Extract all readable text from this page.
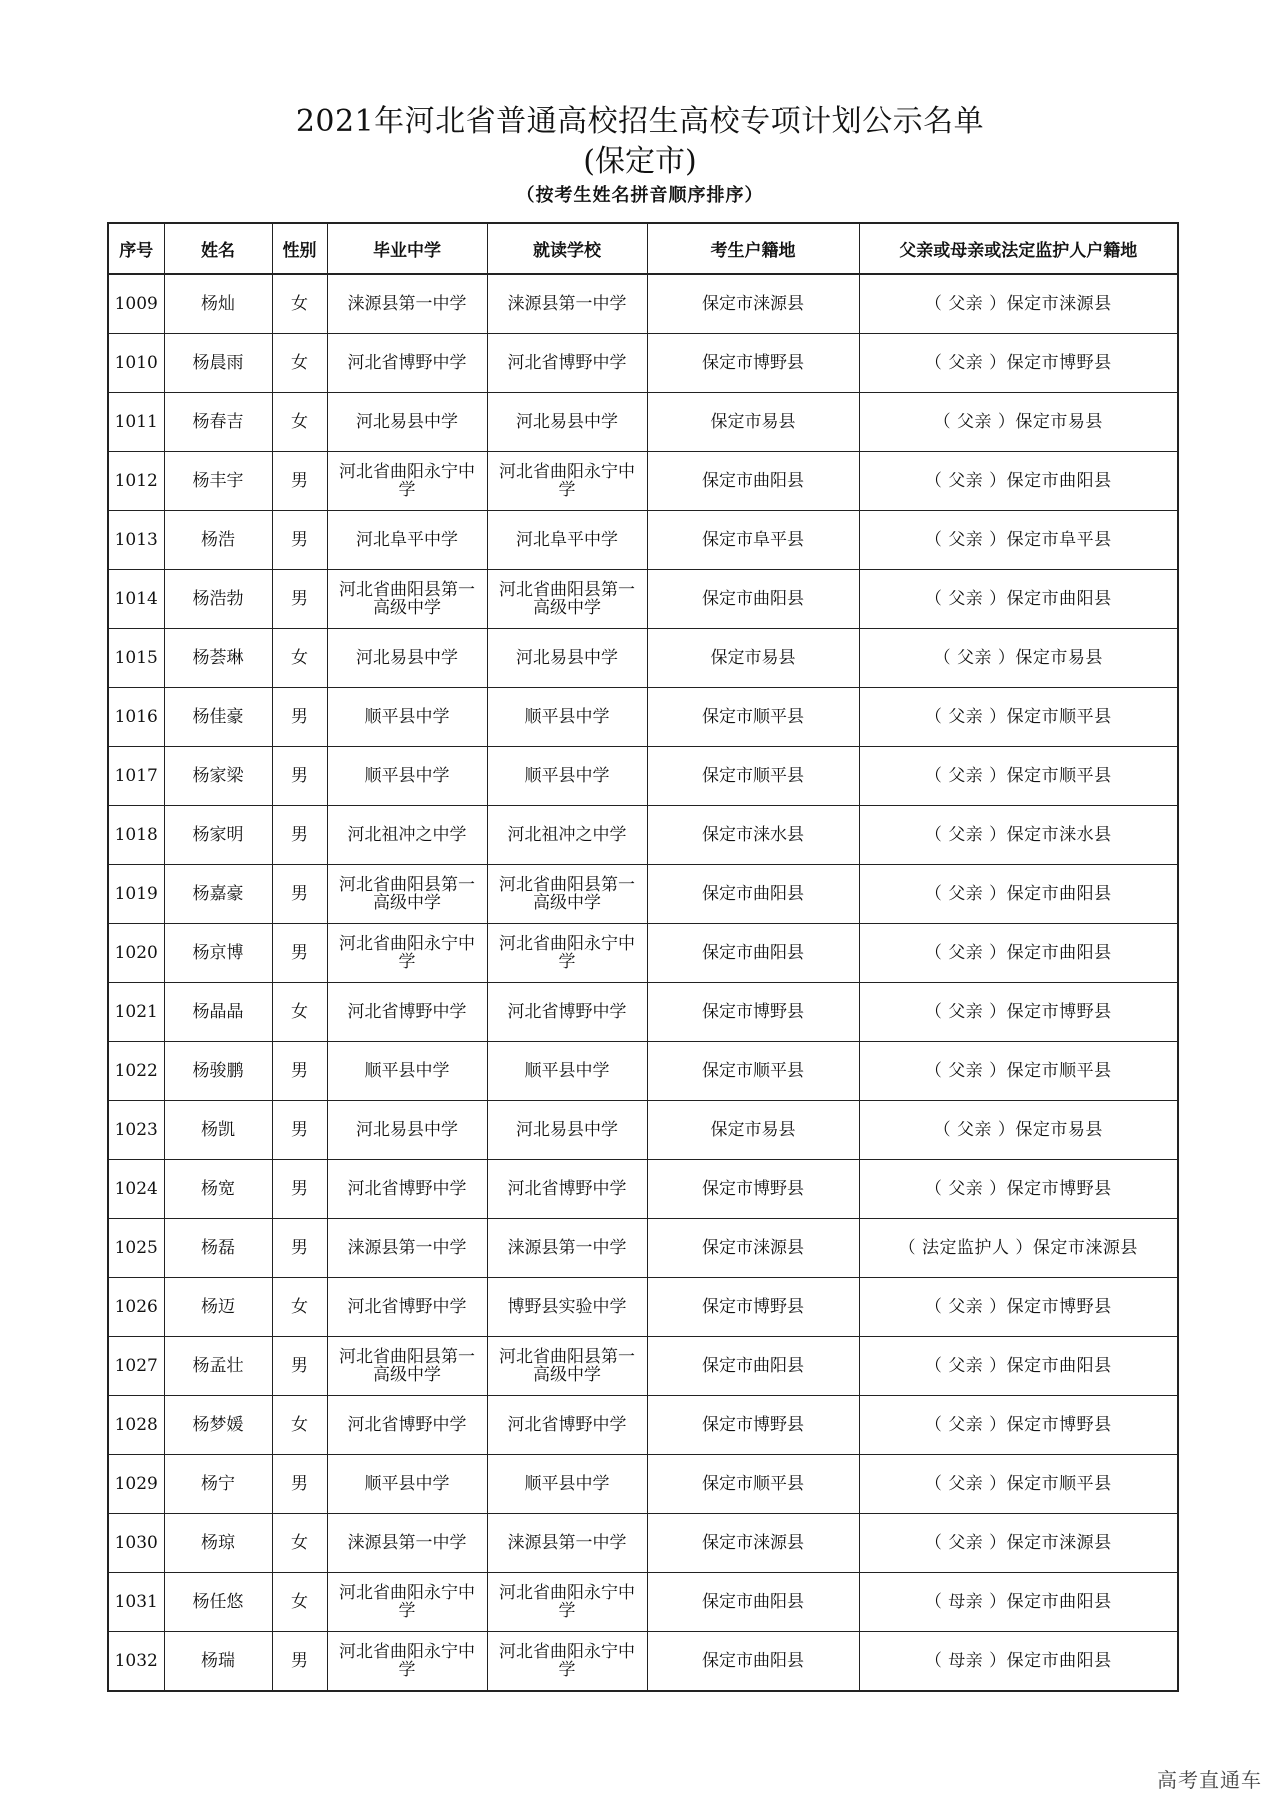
2021年河北省普通高校招生高校专项计划公示名单
(保定市)
（按考生姓名拼音顺序排序）
序号	姓名	性别	毕业中学	就读学校	考生户籍地	父亲或母亲或法定监护人户籍地
1009	杨灿	女	涞源县第一中学	涞源县第一中学	保定市涞源县	（ 父亲 ）保定市涞源县
1010	杨晨雨	女	河北省博野中学	河北省博野中学	保定市博野县	（ 父亲 ）保定市博野县
1011	杨春吉	女	河北易县中学	河北易县中学	保定市易县	（ 父亲 ）保定市易县
1012	杨丰宇	男	河北省曲阳永宁中学	河北省曲阳永宁中学	保定市曲阳县	（ 父亲 ）保定市曲阳县
1013	杨浩	男	河北阜平中学	河北阜平中学	保定市阜平县	（ 父亲 ）保定市阜平县
1014	杨浩勃	男	河北省曲阳县第一高级中学	河北省曲阳县第一高级中学	保定市曲阳县	（ 父亲 ）保定市曲阳县
1015	杨荟琳	女	河北易县中学	河北易县中学	保定市易县	（ 父亲 ）保定市易县
1016	杨佳豪	男	顺平县中学	顺平县中学	保定市顺平县	（ 父亲 ）保定市顺平县
1017	杨家梁	男	顺平县中学	顺平县中学	保定市顺平县	（ 父亲 ）保定市顺平县
1018	杨家明	男	河北祖冲之中学	河北祖冲之中学	保定市涞水县	（ 父亲 ）保定市涞水县
1019	杨嘉豪	男	河北省曲阳县第一高级中学	河北省曲阳县第一高级中学	保定市曲阳县	（ 父亲 ）保定市曲阳县
1020	杨京博	男	河北省曲阳永宁中学	河北省曲阳永宁中学	保定市曲阳县	（ 父亲 ）保定市曲阳县
1021	杨晶晶	女	河北省博野中学	河北省博野中学	保定市博野县	（ 父亲 ）保定市博野县
1022	杨骏鹏	男	顺平县中学	顺平县中学	保定市顺平县	（ 父亲 ）保定市顺平县
1023	杨凯	男	河北易县中学	河北易县中学	保定市易县	（ 父亲 ）保定市易县
1024	杨宽	男	河北省博野中学	河北省博野中学	保定市博野县	（ 父亲 ）保定市博野县
1025	杨磊	男	涞源县第一中学	涞源县第一中学	保定市涞源县	（ 法定监护人 ）保定市涞源县
1026	杨迈	女	河北省博野中学	博野县实验中学	保定市博野县	（ 父亲 ）保定市博野县
1027	杨孟壮	男	河北省曲阳县第一高级中学	河北省曲阳县第一高级中学	保定市曲阳县	（ 父亲 ）保定市曲阳县
1028	杨梦媛	女	河北省博野中学	河北省博野中学	保定市博野县	（ 父亲 ）保定市博野县
1029	杨宁	男	顺平县中学	顺平县中学	保定市顺平县	（ 父亲 ）保定市顺平县
1030	杨琼	女	涞源县第一中学	涞源县第一中学	保定市涞源县	（ 父亲 ）保定市涞源县
1031	杨任悠	女	河北省曲阳永宁中学	河北省曲阳永宁中学	保定市曲阳县	（ 母亲 ）保定市曲阳县
1032	杨瑞	男	河北省曲阳永宁中学	河北省曲阳永宁中学	保定市曲阳县	（ 母亲 ）保定市曲阳县
高考直通车
